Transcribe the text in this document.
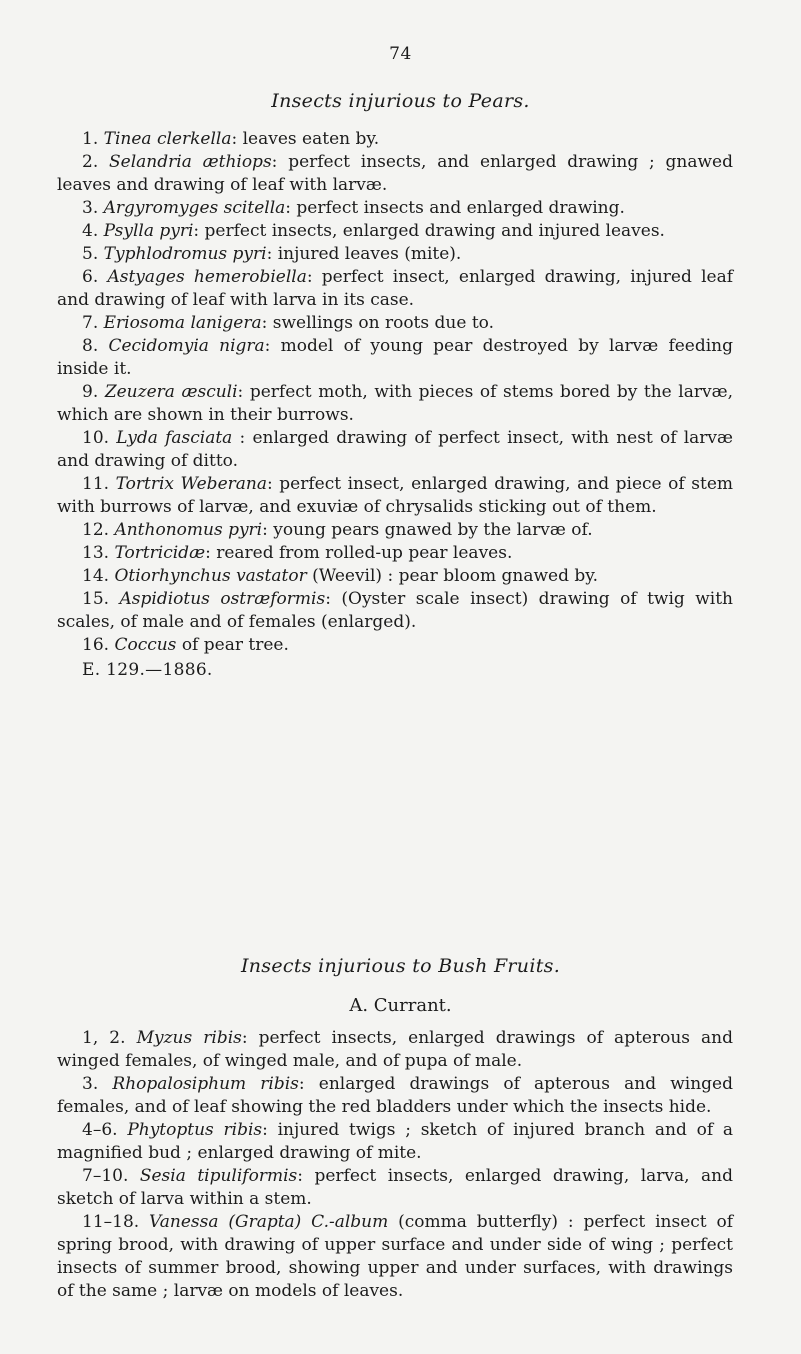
74
Insects injurious to Pears.

1. Tinea clerkella: leaves eaten by.

2. Selandria æthiops: perfect insects, and enlarged drawing ; gnawed leaves and drawing of leaf with larvæ.

3. Argyromyges scitella: perfect insects and enlarged drawing.

4. Psylla pyri: perfect insects, enlarged drawing and injured leaves.

5. Typhlodromus pyri: injured leaves (mite).

6. Astyages hemerobiella: perfect insect, enlarged drawing, injured leaf and drawing of leaf with larva in its case.

7. Eriosoma lanigera: swellings on roots due to.

8. Cecidomyia nigra: model of young pear destroyed by larvæ feeding inside it.

9. Zeuzera æsculi: perfect moth, with pieces of stems bored by the larvæ, which are shown in their burrows.

10. Lyda fasciata : enlarged drawing of perfect insect, with nest of larvæ and drawing of ditto.

11. Tortrix Weberana: perfect insect, enlarged drawing, and piece of stem with burrows of larvæ, and exuviæ of chrysalids sticking out of them.

12. Anthonomus pyri: young pears gnawed by the larvæ of.

13. Tortricidæ: reared from rolled-up pear leaves.

14. Otiorhynchus vastator (Weevil) : pear bloom gnawed by.

15. Aspidiotus ostræformis: (Oyster scale insect) drawing of twig with scales, of male and of females (enlarged).

16. Coccus of pear tree.

E. 129.—1886.

Insects injurious to Bush Fruits.
A. Currant.

1, 2. Myzus ribis: perfect insects, enlarged drawings of apterous and winged females, of winged male, and of pupa of male.

3. Rhopalosiphum ribis: enlarged drawings of apterous and winged females, and of leaf showing the red bladders under which the insects hide.

4–6. Phytoptus ribis: injured twigs ; sketch of injured branch and of a magnified bud ; enlarged drawing of mite.

7–10. Sesia tipuliformis: perfect insects, enlarged drawing, larva, and sketch of larva within a stem.

11–18. Vanessa (Grapta) C.-album (comma butterfly) : perfect insect of spring brood, with drawing of upper surface and under side of wing ; perfect insects of summer brood, showing upper and under surfaces, with drawings of the same ; larvæ on models of leaves.
